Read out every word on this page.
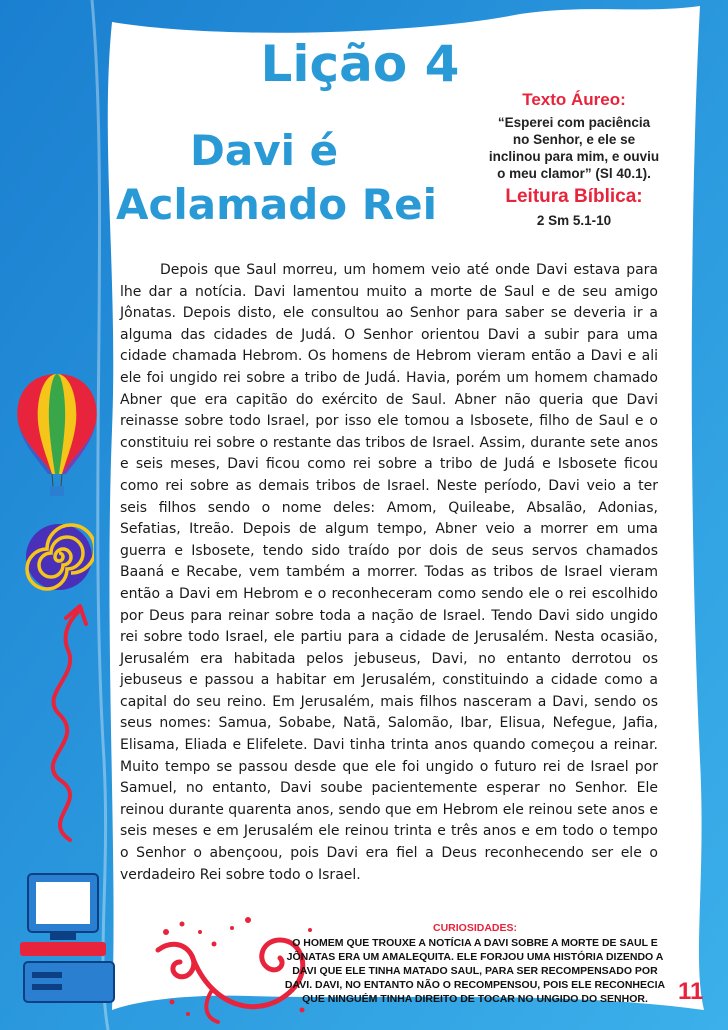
Lição 4
Davi é
Aclamado Rei

Texto Áureo:

“Esperei com paciência no Senhor, e ele se inclinou para mim, e ouviu o meu clamor” (Sl 40.1).

Leitura Bíblica:

2 Sm 5.1-10

Depois que Saul morreu, um homem veio até onde Davi estava para lhe dar a notícia. Davi lamentou muito a morte de Saul e de seu amigo Jônatas. Depois disto, ele consultou ao Senhor para saber se deveria ir a alguma das cidades de Judá. O Senhor orientou Davi a subir para uma cidade chamada Hebrom. Os homens de Hebrom vieram então a Davi e ali ele foi ungido rei sobre a tribo de Judá. Havia, porém um homem chamado Abner que era capitão do exército de Saul. Abner não queria que Davi reinasse sobre todo Israel, por isso ele tomou a Isbosete, filho de Saul e o constituiu rei sobre o restante das tribos de Israel. Assim, durante sete anos e seis meses, Davi ficou como rei sobre a tribo de Judá e Isbosete ficou como rei sobre as demais tribos de Israel. Neste período, Davi veio a ter seis filhos sendo o nome deles: Amom, Quileabe, Absalão, Adonias, Sefatias, Itreão. Depois de algum tempo, Abner veio a morrer em uma guerra e Isbosete, tendo sido traído por dois de seus servos chamados Baaná e Recabe, vem também a morrer. Todas as tribos de Israel vieram então a Davi em Hebrom e o reconheceram como sendo ele o rei escolhido por Deus para reinar sobre toda a nação de Israel. Tendo Davi sido ungido rei sobre todo Israel, ele partiu para a cidade de Jerusalém. Nesta ocasião, Jerusalém era habitada pelos jebuseus, Davi, no entanto derrotou os jebuseus e passou a habitar em Jerusalém, constituindo a cidade como a capital do seu reino. Em Jerusalém, mais filhos nasceram a Davi, sendo os seus nomes: Samua, Sobabe, Natã, Salomão, Ibar, Elisua, Nefegue, Jafia, Elisama, Eliada e Elifelete. Davi tinha trinta anos quando começou a reinar. Muito tempo se passou desde que ele foi ungido o futuro rei de Israel por Samuel, no entanto, Davi soube pacientemente esperar no Senhor. Ele reinou durante quarenta anos, sendo que em Hebrom ele reinou sete anos e seis meses e em Jerusalém ele reinou trinta e três anos e em todo o tempo o Senhor o abençoou, pois Davi era fiel a Deus reconhecendo ser ele o verdadeiro Rei sobre todo o Israel.

CURIOSIDADES:

O HOMEM QUE TROUXE A NOTÍCIA A DAVI SOBRE A MORTE DE SAUL E JÔNATAS ERA UM AMALEQUITA. ELE FORJOU UMA HISTÓRIA DIZENDO A DAVI QUE ELE TINHA MATADO SAUL, PARA SER RECOMPENSADO POR DAVI. DAVI, NO ENTANTO NÃO O RECOMPENSOU, POIS ELE RECONHECIA QUE NINGUÉM TINHA DIREITO DE TOCAR NO UNGIDO DO SENHOR.	11
